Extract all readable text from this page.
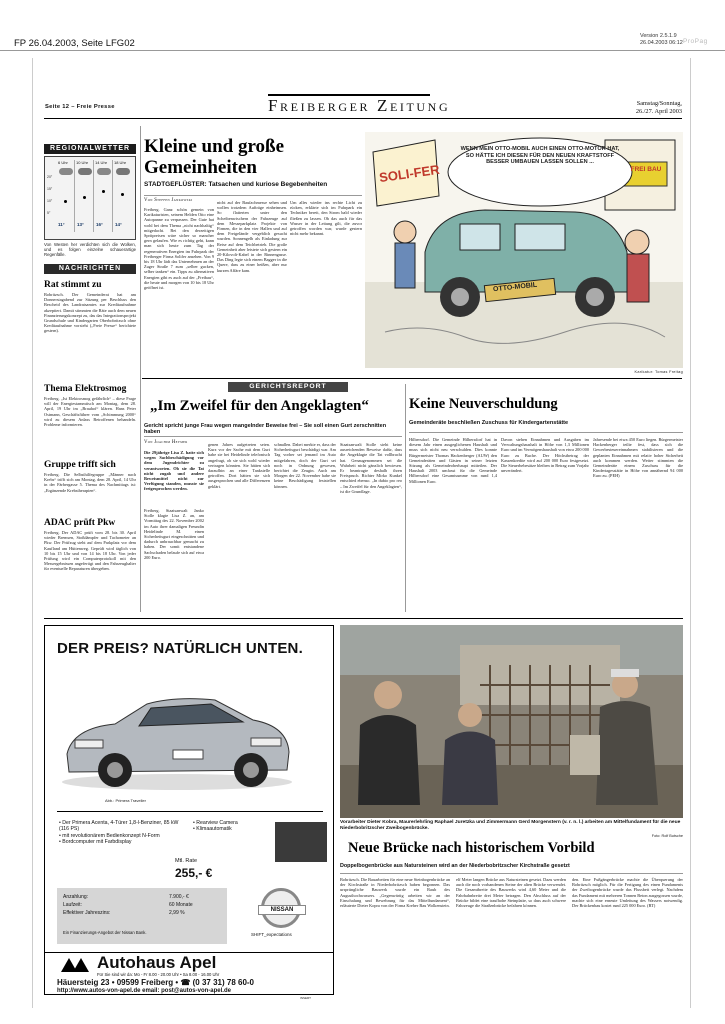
FP 26.04.2003, Seite LFG02
Version 2.5.1.9
26.04.2003 06:12 ProPag
Seite 12 – Freie Presse	Freiberger Zeitung	Samstag/Sonntag,
26./27. April 2003
REGIONALWETTER
20°
15°
10°
5°
6 Uhr
11°
10 Uhr
13°
14 Uhr
16°
18 Uhr
14°
Von Westen her verdichten sich die Wolken, und es folgen einzelne schauerartige Regenfälle.
NACHRICHTEN
Rat stimmt zu
Bobritzsch. Der Gemeinderat hat am Donnerstagabend zur Sitzung per Beschluss den Bescheid des Landratsamtes zur Kreditaufnahme akzeptiert. Damit stimmten die Räte auch dem neuen Finanzierungskonzept zu, das das Integrationsprojekt Grundschule und Kindergarten Oberbobritzsch ohne Kreditaufnahme vorsieht („Freie Presse“ berichtete gestern).
Thema Elektrosmog
Freiberg. „Ist Elektrosmog gefährlich“ – diese Frage will der Energiestammtisch am Montag, dem 28. April, 19 Uhr im „Brauhof“ klären. Hans Peter Ostmann, Geschäftsführer vom „Schimmung 2000“ wird zu diesem Anlass Betroffenen behandeln. Probleme informieren.
Gruppe trifft sich
Freiberg. Die Selbsthilfegruppe „Männer nach Krebs“ trifft sich am Montag, dem 28. April, 14 Uhr in der Färbergasse 5. Thema des Nachmittags ist: „Ergänzende Krebstherapien“.
ADAC prüft Pkw
Freiberg. Der ADAC prüft vom 28. bis 30. April wieder Bremsen, Stoßdämpfer und Tachometer an Pkw. Der Prüfzug steht auf dem Parkplatz vor dem Kaufland am Hüttenweg. Geprüft wird täglich von 10 bis 15 Uhr und von 14 bis 18 Uhr. Von jeder Prüfung wird ein Computerprotokoll mit den Messergebnissen angefertigt und den Fahrzeughalter für eventuelle Reparaturen übergeben.
Kleine und große Gemeinheiten
STADTGEFLÜSTER: Tatsachen und kuriose Begebenheiten
Von Steffen Jankowski
Freiberg. Ganz schön gemein von Karikaturisten, seinem Helden Otto eine Autopanne zu verpassen. Der Gute hat wohl bei dem Thema „nicht nachhaltig“ mitgedacht. Bei den derzeitigen Spritpreisen wäre sicher so mancher gern gelaufen. Wie es richtig geht, kann man sich heute zum Tag der regenerativen Energien im Fuhrpark der Freiberger Firma Solifer ansehen. Von 9 bis 18 Uhr lädt das Unternehmen an der Zuger Straße 7 zum „selber gucken, selber tanken“ ein. Tipps zu alternativen Energien gibt es auch auf der „Freibau“, die heute und morgen von 10 bis 18 Uhr geöffnet ist.
nicht auf der Baufachmesse sehen und wollen trotzdem Aufträge einheimsen. So flatterten unter den Scheibenwischern der Fahrzeuge auf dem Messeparkplatz Projekte von Firmen, die in den vier Hallen und auf dem Freigelände vergeblich gesucht wurden. Sonnengelb als Einladung zur Reise auf dem Teichbetrieb. Die große Gemeinheit aber leistete sich gestern ein 20-Kilovolt-Kabel in der Rinnengasse. Das Ding legte sich einem Bagger in die Quere, dass zu einer heißen, aber nur kurzen Affäre kam.
Um alles wieder ins rechte Licht zu rücken, erklärte sich im Fuhrpark ein Techniker bereit, den Strom bald wieder fließen zu lassen. Ob das auch für das Wasser in der Leitung gilt, die zuvor getroffen worden war, wurde gestern nicht mehr bekannt.
SOLI-FER
WENN MEIN OTTO-MOBIL AUCH EINEN OTTO-MOTOR HAT, SO HÄTTE ICH DIESEN FÜR DEN NEUEN KRAFTSTOFF BESSER UMBAUEN LASSEN SOLLEN ...
OTTO-MOBIL
FREI BAU
Karikatur: Tomas Freitag
GERICHTSREPORT
„Im Zweifel für den Angeklagten“
Gericht spricht junge Frau wegen mangelnder Beweise frei – Sie soll einen Gurt zerschnitten haben
Von Joachim Heymer
Die 29jährige Lisa Z. hatte sich wegen Sachbeschädigung vor dem Jugendrichter zu verantworten. Ob sie die Tat nicht zugab und andere Beweismittel nicht zur Verfügung standen, musste sie freigesprochen werden.
Freiberg. Staatsanwalt Janko Stolle klagte Lisa Z. an, am Vormittag des 22. November 2002 im Auto ihrer damaligen Freundin Heidelinde M. einen Sicherheitsgurt eingeschnitten und dadurch unbrauchbar gemacht zu haben. Der somit entstandene Sachschaden belaufe sich auf etwa 200 Euro.
genen Jahres aufgetreten seien. Kurz vor der Sache mit dem Gurt habe sie bei Heidelinde telefonisch angefragt, ob sie sich wohl wieder vertragen könnten. Sie hätten sich daraufhin an einer Tankstelle getroffen. Dort hätten sie sich ausgesprochen und alle Differenzen geklärt.
schnallen. Dabei merkte er, dass der Sicherheitsgurt beschädigt war. Am Tag vorher sei jemand im Auto mitgefahren, doch der Gurt sei noch in Ordnung gewesen, berichtet die Zeugin. Auch am Morgen der 22. November habe sie keine Beschädigung feststellen können.
Staatsanwalt Stolle sieht keine ausreichenden Beweise dafür, dass die Angeklagte die Tat vollbracht hat. Genaugenommen sei die Wahrheit nicht gänzlich bewiesen. Er beantragte deshalb ihren Freispruch. Richter Mirko Kunkel entschied ebenso. „In dubio pro reo – Im Zweifel für den Angeklagten“, ist die Grundlage.
Keine Neuverschuldung
Gemeinderäte beschließen Zuschuss für Kindergartenstätte
Hilbersdorf. Die Gemeinde Hilbersdorf hat in diesem Jahr einen ausgeglichenen Haushalt und muss sich nicht neu verschulden. Dies konnte Bürgermeister Thomas Hackenberger (AUW) den Gemeinderäten und Gästen in seiner letzten Sitzung als Gemeindeoberhaupt mitteilen. Der Haushalt 2003 umfasst für die Gemeinde Hilbersdorf eine Gesamtsumme von rund 1,4 Millionen Euro.
Davon stehen Einnahmen und Ausgaben im Verwaltungshaushalt in Höhe von 1,3 Millionen Euro und im Vermögenshaushalt von etwa 200 000 Euro zu Buche. Der Höchstbetrag der Kassenkredite wird auf 200 000 Euro festgesetzt. Die Steuerhebesätze bleiben in Betrag zum Vorjahr unverändert.
Jahresende bei etwa 450 Euro liegen. Bürgermeister Hackenberger teilte fest, dass sich die Gewerbesteuereinnahmen stabilisieren und die geplanten Einnahmen mit relativ hoher Sicherheit auch kommen werden. Weiter stimmten die Gemeinderäte einem Zuschuss für die Kindertagesstätte in Höhe von annähernd 94 000 Euro zu. (PEH)
DER PREIS? NATÜRLICH UNTEN.
Abb.: Primera Traveller
• Der Primera Acenta, 4-Türer 1,8-l-Benziner, 85 kW (116 PS)
• mit revolutionärem Bedienkonzept N-Form
• Bordcomputer mit Farbdisplay
• Rearview Camera
• Klimaautomatik
Mtl. Rate
255,- €
Anzahlung:	7.900,- €
Laufzeit:	60 Monate
Effektiver Jahreszins:	2,99 %
Ein Finanzierungs-Angebot der Nissan Bank.
NISSAN
SHIFT_expectations
Autohaus Apel
Für Sie sind wir da: Mo - Fr 8.00 - 20.00 Uhr • Sa 8.00 - 16.00 Uhr
Häuersteig 23 • 09599 Freiberg • ☎ (0 37 31) 78 60-0
http://www.autos-von-apel.de email: post@autos-von-apel.de
INSERT
Vorarbeiter Dieter Kobra, Maurerlehrling Raphael Juretzka und Zimmermann Gerd Morgenstern (v. r. n. l.) arbeiten am Mittelfundament für die neue Niederbobritzscher Zweibogenbrücke.
Foto: Rolf Butsche
Neue Brücke nach historischem Vorbild
Doppelbogenbrücke aus Natursteinen wird an der Niederbobritzscher Kirchstraße gesetzt
Bobritzsch. Die Bauarbeiten für eine neue Steinbogenbrücke an der Kirchstraße in Niederbobritzsch haben begonnen. Das ursprüngliche Bauwerk wurde ein Raub des Augusthochwassers. „Gegenwärtig arbeiten wir an der Einschalung und Bewehrung für das Mittelfundament“, erläuterte Dieter Kopra von der Firma Kreher Bau Wolkenstein.
elf Meter langen Brücke aus Natursteinen gesetzt. Dazu werden auch die noch vorhandenen Steine der alten Brücke verwendet. Die Gesamtbreite des Bauwerks wird 4,60 Meter und die Fahrbahnbreite drei Meter betragen. Den Abschluss auf der Brücke bildet eine traufhohe Steinplatte, so dass auch schwere Fahrzeuge die Straßenbrücke befahren können.
den. Eine Fußgängerbrücke machte die Überquerung der Bobritzsch möglich. Für die Fertigung des einen Fundaments der Zweibogenbrücke wurde das Flussbett verlegt. Nachdem das Fundament mit mehreren Tonnen Beton ausgegossen wurde, machte sich eine erneute Umleitung des Wassers notwendig. Der Brückenbau kostet rund 225 000 Euro. (RT)
